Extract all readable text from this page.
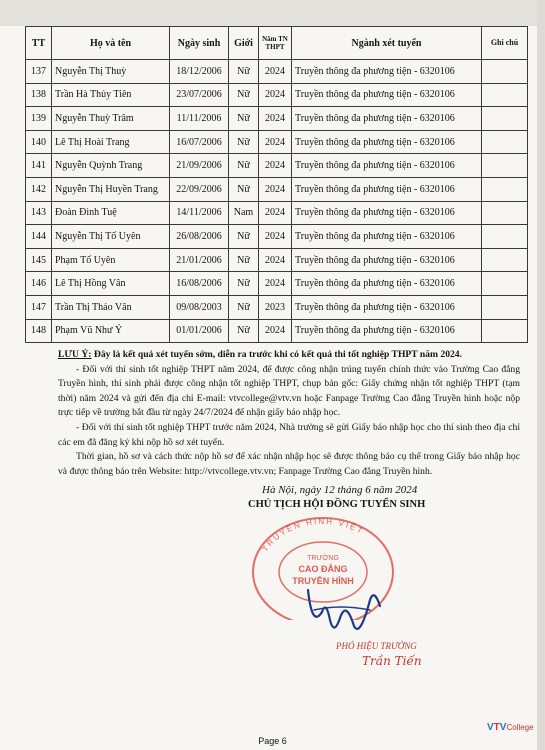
TT	Họ và tên	Ngày sinh	Giới	Năm TN THPT	Ngành xét tuyển	Ghi chú
137	Nguyễn Thị Thuỳ	18/12/2006	Nữ	2024	Truyền thông đa phương tiện - 6320106	
138	Trần Hà Thủy Tiên	23/07/2006	Nữ	2024	Truyền thông đa phương tiện - 6320106	
139	Nguyễn Thuỳ Trâm	11/11/2006	Nữ	2024	Truyền thông đa phương tiện - 6320106	
140	Lê Thị Hoài Trang	16/07/2006	Nữ	2024	Truyền thông đa phương tiện - 6320106	
141	Nguyễn Quỳnh Trang	21/09/2006	Nữ	2024	Truyền thông đa phương tiện - 6320106	
142	Nguyễn Thị Huyền Trang	22/09/2006	Nữ	2024	Truyền thông đa phương tiện - 6320106	
143	Đoàn Đình Tuệ	14/11/2006	Nam	2024	Truyền thông đa phương tiện - 6320106	
144	Nguyễn Thị Tố Uyên	26/08/2006	Nữ	2024	Truyền thông đa phương tiện - 6320106	
145	Phạm Tố Uyên	21/01/2006	Nữ	2024	Truyền thông đa phương tiện - 6320106	
146	Lê Thị Hồng Vân	16/08/2006	Nữ	2024	Truyền thông đa phương tiện - 6320106	
147	Trần Thị Thảo Vân	09/08/2003	Nữ	2023	Truyền thông đa phương tiện - 6320106	
148	Phạm Vũ Như Ý	01/01/2006	Nữ	2024	Truyền thông đa phương tiện - 6320106	

LƯU Ý: Đây là kết quả xét tuyển sớm, diễn ra trước khi có kết quả thi tốt nghiệp THPT năm 2024.

- Đối với thí sinh tốt nghiệp THPT năm 2024, để được công nhận trúng tuyển chính thức vào Trường Cao đẳng Truyền hình, thí sinh phải được công nhận tốt nghiệp THPT, chụp bản gốc: Giấy chứng nhận tốt nghiệp THPT (tạm thời) năm 2024 và gửi đến địa chỉ E-mail: vtvcollege@vtv.vn hoặc Fanpage Trường Cao đẳng Truyền hình hoặc nộp trực tiếp về trường bắt đầu từ ngày 24/7/2024 để nhận giấy báo nhập học.

- Đối với thí sinh tốt nghiệp THPT trước năm 2024, Nhà trường sẽ gửi Giấy báo nhập học cho thí sinh theo địa chỉ các em đã đăng ký khi nộp hồ sơ xét tuyển.

Thời gian, hồ sơ và cách thức nộp hồ sơ để xác nhận nhập học sẽ được thông báo cụ thể trong Giấy báo nhập học và được thông báo trên Website: http://vtvcollege.vtv.vn; Fanpage Trường Cao đẳng Truyền hình.

Hà Nội, ngày 12 tháng 6 năm 2024
CHỦ TỊCH HỘI ĐỒNG TUYỂN SINH
TRUYỀN HÌNH VIỆT
TRƯỜNG
CAO ĐẲNG
TRUYỀN HÌNH
PHÓ HIỆU TRƯỞNG
Trần Tiến
Page 6
VTVCollege
